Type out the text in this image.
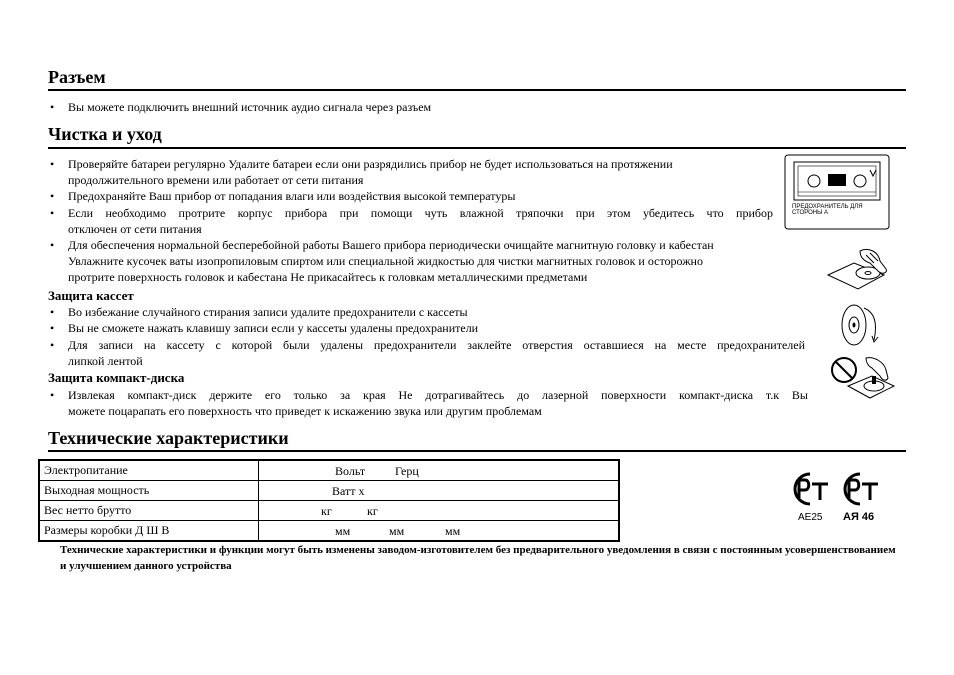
Разъем
•	Вы можете подключить внешний источник аудио сигнала через разъем
Чистка и уход
•	Проверяйте батареи регулярно Удалите батареи если они разрядились прибор не будет использоваться на протяжении
продолжительного времени или работает от сети питания
•	Предохраняйте Ваш прибор от попадания влаги или воздействия высокой температуры
•	Если необходимо протрите корпус прибора при помощи чуть влажной тряпочки при этом убедитесь что прибор
отключен от сети питания
•	Для обеспечения нормальной бесперебойной работы Вашего прибора периодически очищайте магнитную головку и кабестан
Увлажните кусочек ваты изопропиловым спиртом или специальной жидкостью для чистки магнитных головок и осторожно
протрите поверхность головок и кабестана Не прикасайтесь к головкам металлическими предметами
ПРЕДОХРАНИТЕЛЬ ДЛЯ СТОРОНЫ А
Защита кассет
•	Во избежание случайного стирания записи удалите предохранители с кассеты
•	Вы не сможете нажать клавишу записи если у кассеты удалены предохранители
•	Для записи на кассету с которой были удалены предохранители заклейте отверстия оставшиеся на месте предохранителей
липкой лентой
Защита компакт-диска
•	Извлекая компакт-диск держите его только за края Не дотрагивайтесь до лазерной поверхности компакт-диска т.к Вы
можете поцарапать его поверхность что приведет к искажению звука или другим проблемам
Технические характеристики
Электропитание	Вольт Герц

Выходная мощность	Ватт х

Вес нетто брутто	кг кг

Размеры коробки Д Ш В	мм мм мм
Технические характеристики и функции могут быть изменены заводом-изготовителем без предварительного уведомления в связи с постоянным усовершенствованием и улучшением данного устройства
АЕ25 АЯ 46
